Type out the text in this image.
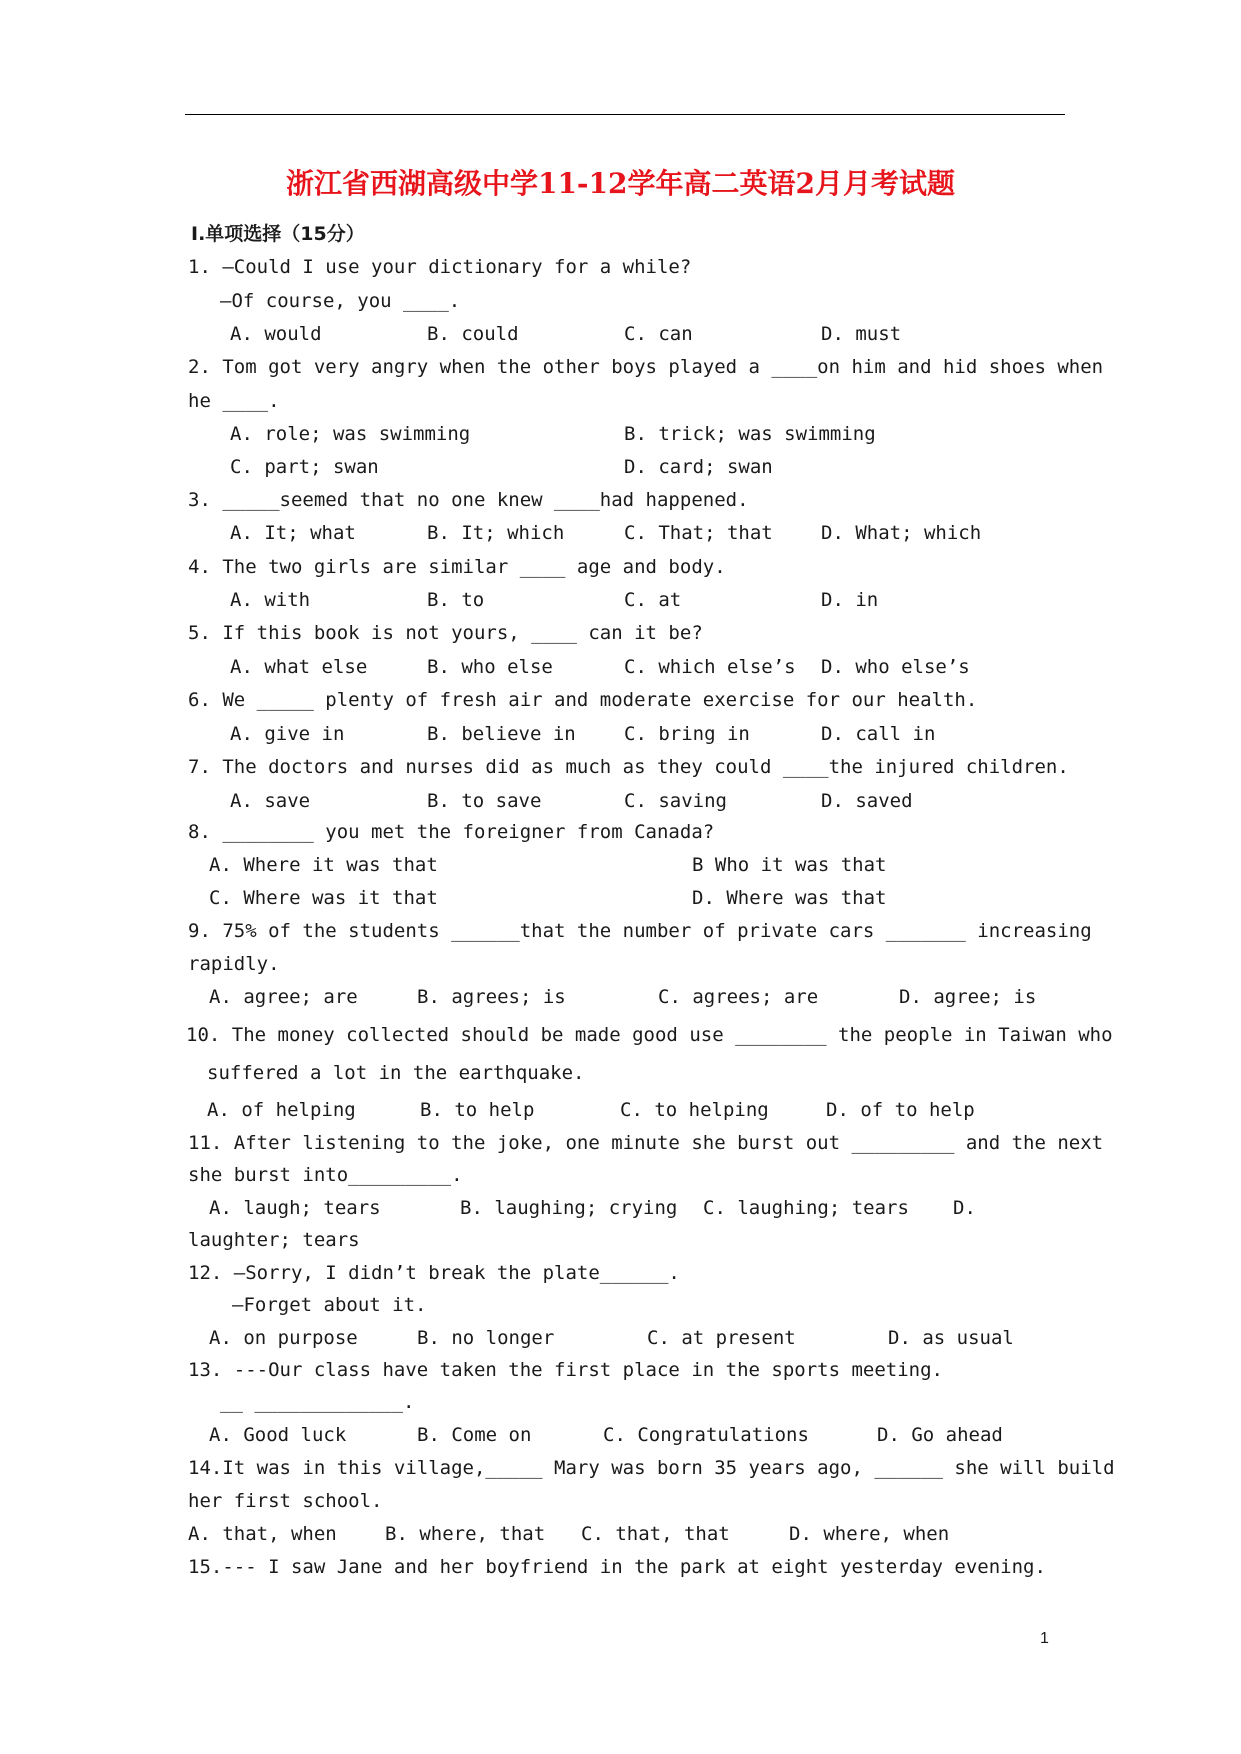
浙江省西湖高级中学11-12学年高二英语2月月考试题
Ⅰ.单项选择（15分）
1. —Could I use your dictionary for a while?
—Of course, you ____.
A. would	B. could	C. can	D. must
2. Tom got very angry when the other boys played a ____on him and hid shoes when
he ____.
A. role; was swimming	B. trick; was swimming
C. part; swan	D. card; swan
3. _____seemed that no one knew ____had happened.
A. It; what	B. It; which	C. That; that	D. What; which
4. The two girls are similar ____ age and body.
A. with	B. to	C. at	D. in
5. If this book is not yours, ____ can it be?
A. what else	B. who else	C. which else’s D. who else’s
6. We _____ plenty of fresh air and moderate exercise for our health.
A. give in	B. believe in	C. bring in	D. call in
7. The doctors and nurses did as much as they could ____the injured children.
A. save	B. to save	C. saving	D. saved
8. ________ you met the foreigner from Canada?
A. Where it was that	B Who it was that
C. Where was it that	D. Where was that
9. 75% of the students ______that the number of private cars _______ increasing
rapidly.
A. agree; are	B. agrees; is	C. agrees; are	D. agree; is
10. The money collected should be made good use ________ the people in Taiwan who
suffered a lot in the earthquake.
A. of helping	B. to help	C. to helping	D. of to help
11. After listening to the joke, one minute she burst out _________ and the next
she burst into_________.
A. laugh; tears	B. laughing; crying C. laughing; tears D.
laughter; tears
12. —Sorry, I didn’t break the plate______.
—Forget about it.
A. on purpose	B. no longer	C. at present	D. as usual
13. ---Our class have taken the first place in the sports meeting.
__ _____________.
A. Good luck	B. Come on	C. Congratulations	D. Go ahead
14.It was in this village,_____ Mary was born 35 years ago, ______ she will build
her first school.
A. that, when	B. where, that C. that, that	D. where, when
15.--- I saw Jane and her boyfriend in the park at eight yesterday evening.
1
